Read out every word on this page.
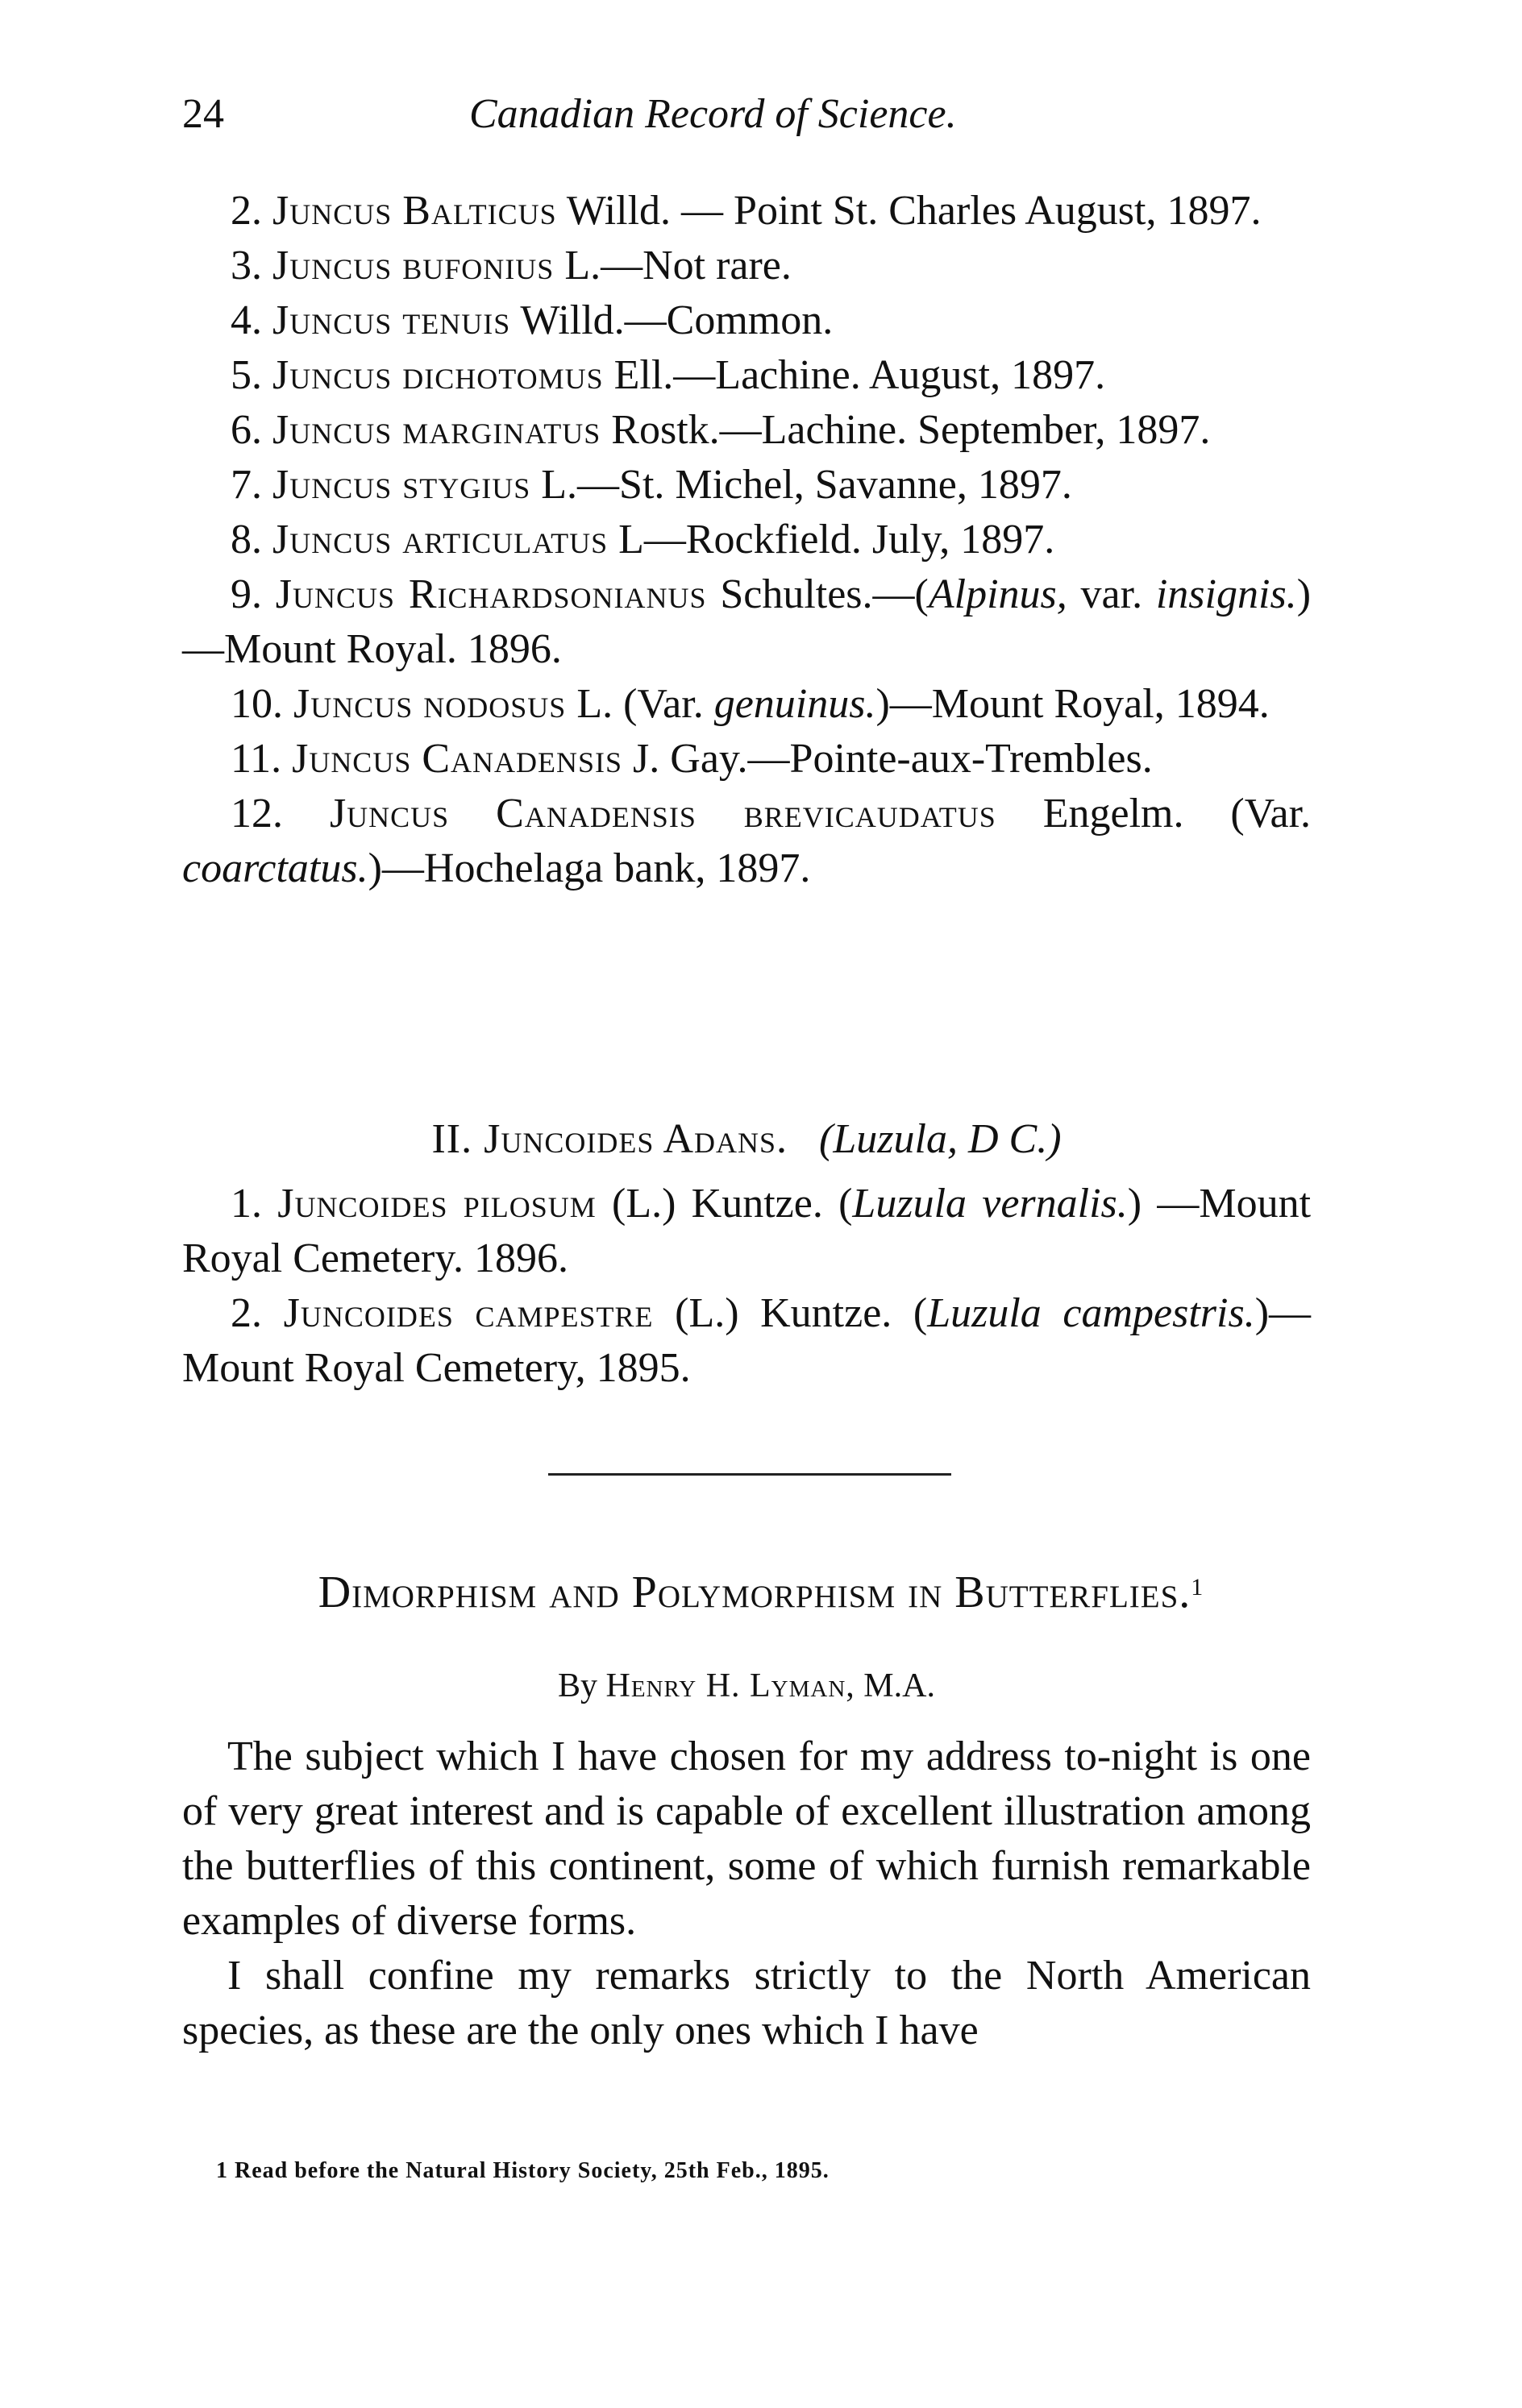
24	Canadian Record of Science.

2. Juncus Balticus Willd. — Point St. Charles August, 1897.

3. Juncus bufonius L.—Not rare.

4. Juncus tenuis Willd.—Common.

5. Juncus dichotomus Ell.—Lachine. August, 1897.

6. Juncus marginatus Rostk.—Lachine. September, 1897.

7. Juncus stygius L.—St. Michel, Savanne, 1897.

8. Juncus articulatus L—Rockfield. July, 1897.

9. Juncus Richardsonianus Schultes.—(Alpinus, var. insignis.)—Mount Royal. 1896.

10. Juncus nodosus L. (Var. genuinus.)—Mount Royal, 1894.

11. Juncus Canadensis J. Gay.—Pointe-aux-Trembles.

12. Juncus Canadensis brevicaudatus Engelm. (Var. coarctatus.)—Hochelaga bank, 1897.

II. Juncoides Adans. (Luzula, D C.)

1. Juncoides pilosum (L.) Kuntze. (Luzula vernalis.) —Mount Royal Cemetery. 1896.

2. Juncoides campestre (L.) Kuntze. (Luzula campestris.)—Mount Royal Cemetery, 1895.

Dimorphism and Polymorphism in Butterflies.$^1$
By Henry H. Lyman, M.A.

The subject which I have chosen for my address to-night is one of very great interest and is capable of excellent illustration among the butterflies of this continent, some of which furnish remarkable examples of diverse forms.

I shall confine my remarks strictly to the North American species, as these are the only ones which I have

1 Read before the Natural History Society, 25th Feb., 1895.
